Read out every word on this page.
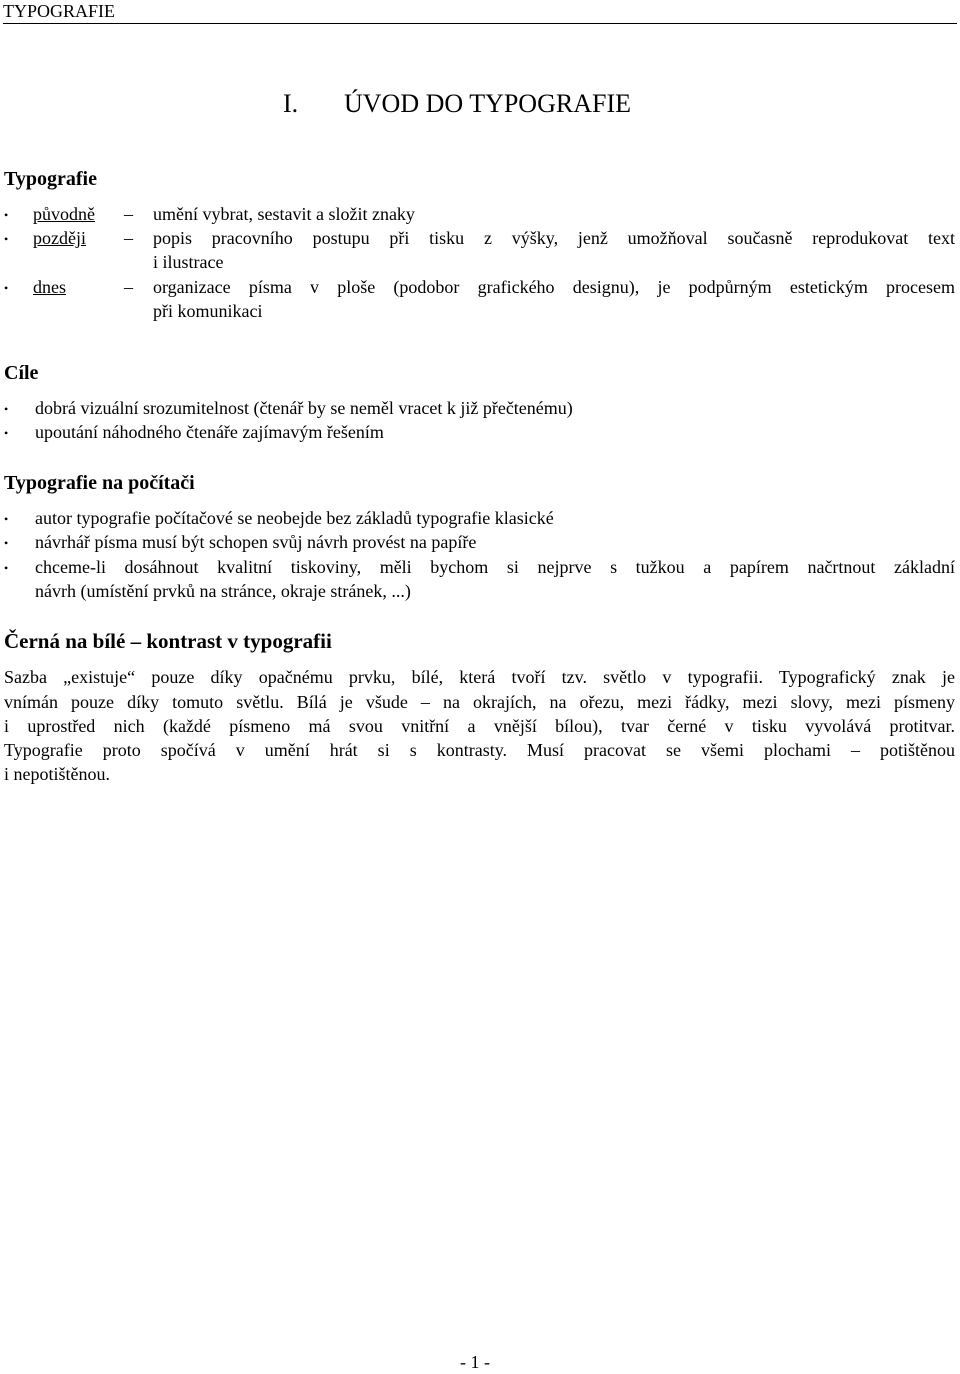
TYPOGRAFIE
I. ÚVOD DO TYPOGRAFIE
Typografie
• původně – umění vybrat, sestavit a složit znaky
• později – popis pracovního postupu při tisku z výšky, jenž umožňoval současně reprodukovat text
i ilustrace
• dnes	– organizace písma v ploše (podobor grafického designu), je podpůrným estetickým procesem
při komunikaci
Cíle
• dobrá vizuální srozumitelnost (čtenář by se neměl vracet k již přečtenému)
• upoutání náhodného čtenáře zajímavým řešením
Typografie na počítači
• autor typografie počítačové se neobejde bez základů typografie klasické
• návrhář písma musí být schopen svůj návrh provést na papíře
• chceme-li dosáhnout kvalitní tiskoviny, měli bychom si nejprve s tužkou a papírem načrtnout základní
návrh (umístění prvků na stránce, okraje stránek, ...)
Černá na bílé – kontrast v typografii
Sazba „existuje“ pouze díky opačnému prvku, bílé, která tvoří tzv. světlo v typografii. Typografický znak je
vnímán pouze díky tomuto světlu. Bílá je všude – na okrajích, na ořezu, mezi řádky, mezi slovy, mezi písmeny
i uprostřed nich (každé písmeno má svou vnitřní a vnější bílou), tvar černé v tisku vyvolává protitvar.
Typografie proto spočívá v umění hrát si s kontrasty. Musí pracovat se všemi plochami – potištěnou
i nepotištěnou.
- 1 -
